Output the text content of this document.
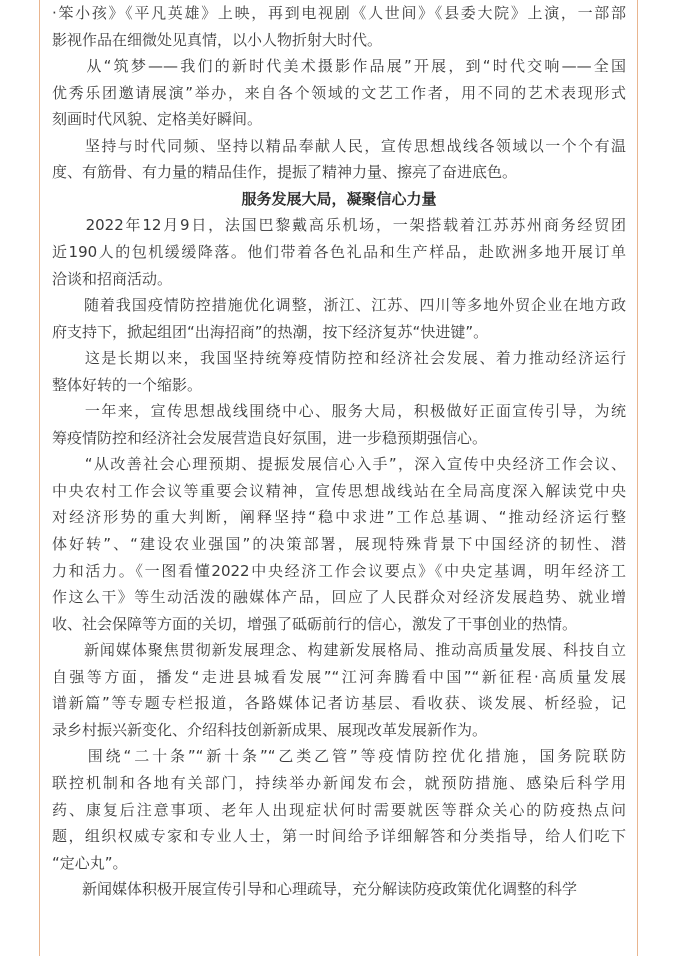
·笨小孩》《平凡英雄》上映，再到电视剧《人世间》《县委大院》上演，一部部
影视作品在细微处见真情，以小人物折射大时代。
　　从“筑梦——我们的新时代美术摄影作品展”开展，到“时代交响——全国
优秀乐团邀请展演”举办，来自各个领域的文艺工作者，用不同的艺术表现形式
刻画时代风貌、定格美好瞬间。
　　坚持与时代同频、坚持以精品奉献人民，宣传思想战线各领域以一个个有温
度、有筋骨、有力量的精品佳作，提振了精神力量、擦亮了奋进底色。
服务发展大局，凝聚信心力量
　　2022年12月9日，法国巴黎戴高乐机场，一架搭载着江苏苏州商务经贸团
近190人的包机缓缓降落。他们带着各色礼品和生产样品，赴欧洲多地开展订单
洽谈和招商活动。
　　随着我国疫情防控措施优化调整，浙江、江苏、四川等多地外贸企业在地方政
府支持下，掀起组团“出海招商”的热潮，按下经济复苏“快进键”。
　　这是长期以来，我国坚持统筹疫情防控和经济社会发展、着力推动经济运行
整体好转的一个缩影。
　　一年来，宣传思想战线围绕中心、服务大局，积极做好正面宣传引导，为统
筹疫情防控和经济社会发展营造良好氛围，进一步稳预期强信心。
　　“从改善社会心理预期、提振发展信心入手”，深入宣传中央经济工作会议、
中央农村工作会议等重要会议精神，宣传思想战线站在全局高度深入解读党中央
对经济形势的重大判断，阐释坚持“稳中求进”工作总基调、“推动经济运行整
体好转”、“建设农业强国”的决策部署，展现特殊背景下中国经济的韧性、潜
力和活力。《一图看懂2022中央经济工作会议要点》《中央定基调，明年经济工
作这么干》等生动活泼的融媒体产品，回应了人民群众对经济发展趋势、就业增
收、社会保障等方面的关切，增强了砥砺前行的信心，激发了干事创业的热情。
　　新闻媒体聚焦贯彻新发展理念、构建新发展格局、推动高质量发展、科技自立
自强等方面，播发“走进县城看发展”“江河奔腾看中国”“新征程·高质量发展
谱新篇”等专题专栏报道，各路媒体记者访基层、看收获、谈发展、析经验，记
录乡村振兴新变化、介绍科技创新新成果、展现改革发展新作为。
　　围绕“二十条”“新十条”“乙类乙管”等疫情防控优化措施，国务院联防
联控机制和各地有关部门，持续举办新闻发布会，就预防措施、感染后科学用
药、康复后注意事项、老年人出现症状何时需要就医等群众关心的防疫热点问
题，组织权威专家和专业人士，第一时间给予详细解答和分类指导，给人们吃下
“定心丸”。
　　新闻媒体积极开展宣传引导和心理疏导，充分解读防疫政策优化调整的科学
